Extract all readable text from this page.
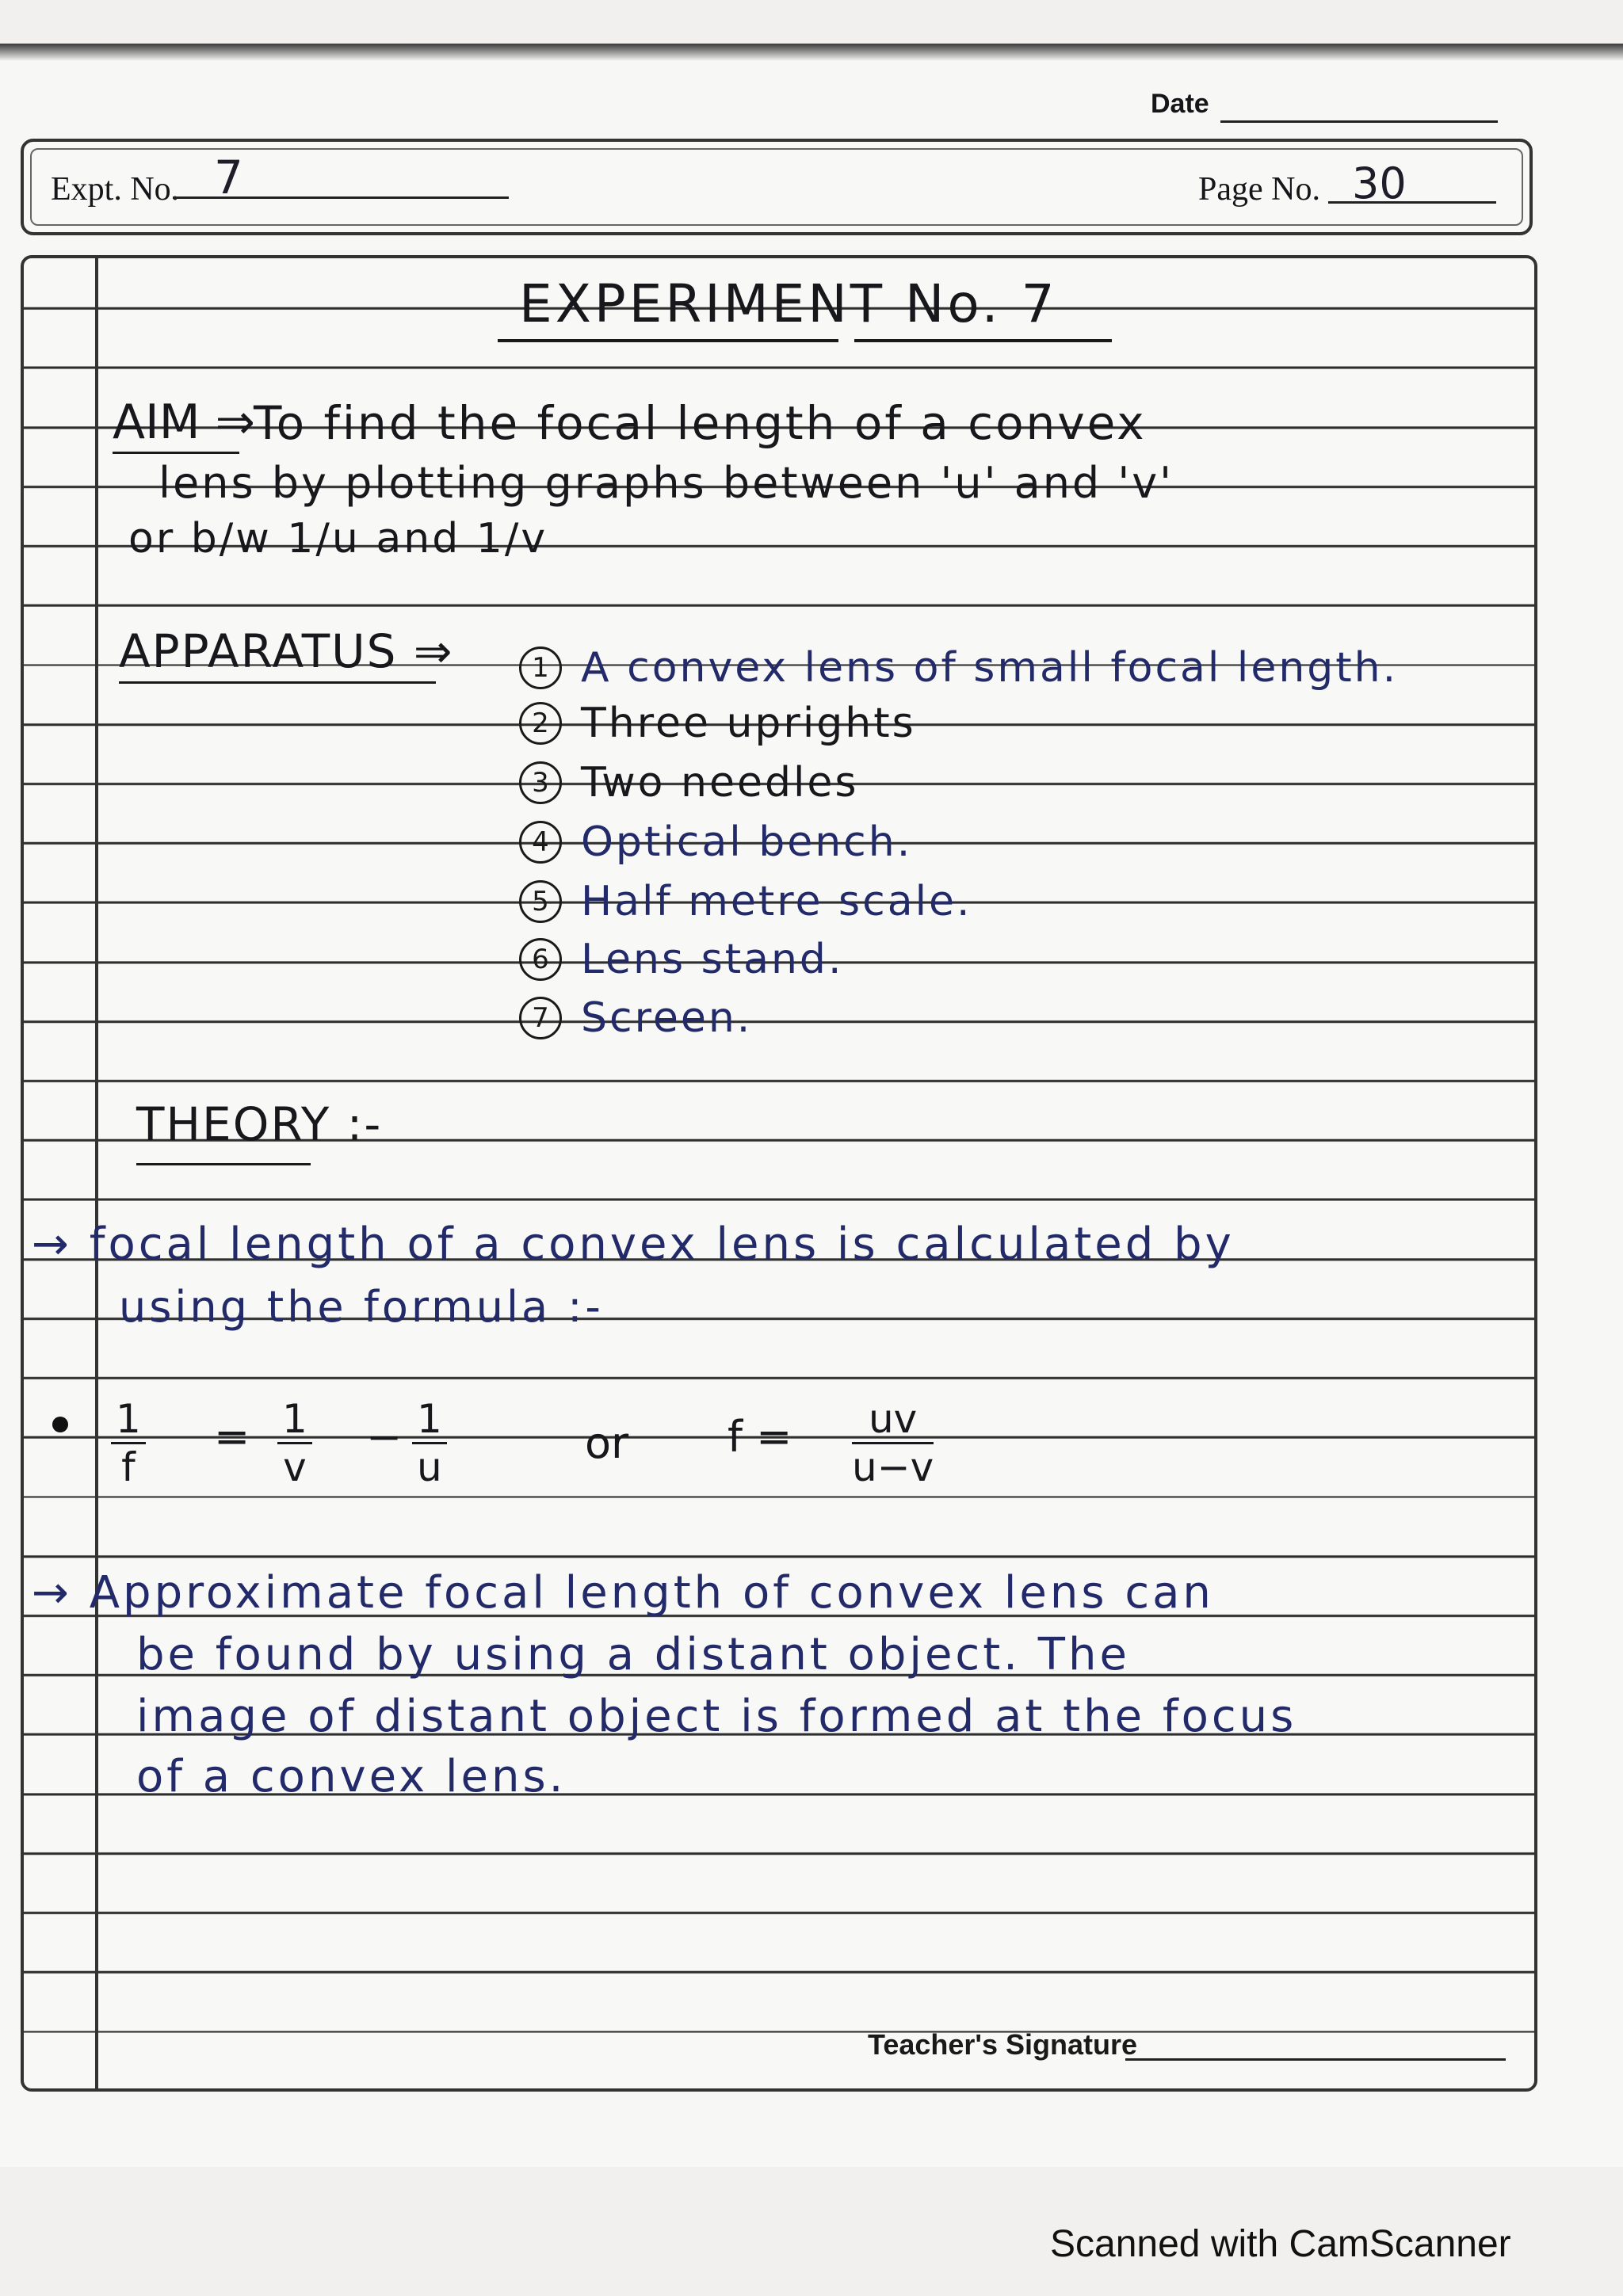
Date
Expt. No. 7	Page No. 30
EXPERIMENT No. 7
AIM ⇒
To find the focal length of a convex
lens by plotting graphs between 'u' and 'v'
or b/w 1/u and 1/v
APPARATUS ⇒	1 A convex lens of small focal length.
2 Three uprights
3 Two needles
4 Optical bench.
5 Half metre scale.
6 Lens stand.
7 Screen.
THEORY :-
→ focal length of a convex lens is calculated by
using the formula :-
$\frac{1}{f} = \frac{1}{v} - \frac{1}{u}$	or $f = \frac{uv}{u-v}$
→ Approximate focal length of convex lens can
be found by using a distant object. The
image of distant object is formed at the focus
of a convex lens.
Teacher's Signature
Scanned with CamScanner
